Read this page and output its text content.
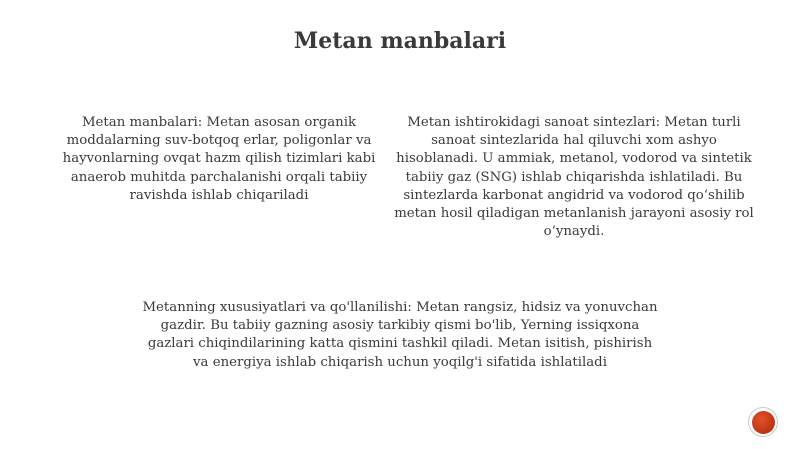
Metan manbalari

Metan manbalari: Metan asosan organik moddalarning suv-botqoq erlar, poligonlar va hayvonlarning ovqat hazm qilish tizimlari kabi anaerob muhitda parchalanishi orqali tabiiy ravishda ishlab chiqariladi

Metan ishtirokidagi sanoat sintezlari: Metan turli sanoat sintezlarida hal qiluvchi xom ashyo hisoblanadi. U ammiak, metanol, vodorod va sintetik tabiiy gaz (SNG) ishlab chiqarishda ishlatiladi. Bu sintezlarda karbonat angidrid va vodorod qo‘shilib metan hosil qiladigan metanlanish jarayoni asosiy rol o‘ynaydi.

Metanning xususiyatlari va qo'llanilishi: Metan rangsiz, hidsiz va yonuvchan gazdir. Bu tabiiy gazning asosiy tarkibiy qismi bo'lib, Yerning issiqxona gazlari chiqindilarining katta qismini tashkil qiladi. Metan isitish, pishirish va energiya ishlab chiqarish uchun yoqilg'i sifatida ishlatiladi
